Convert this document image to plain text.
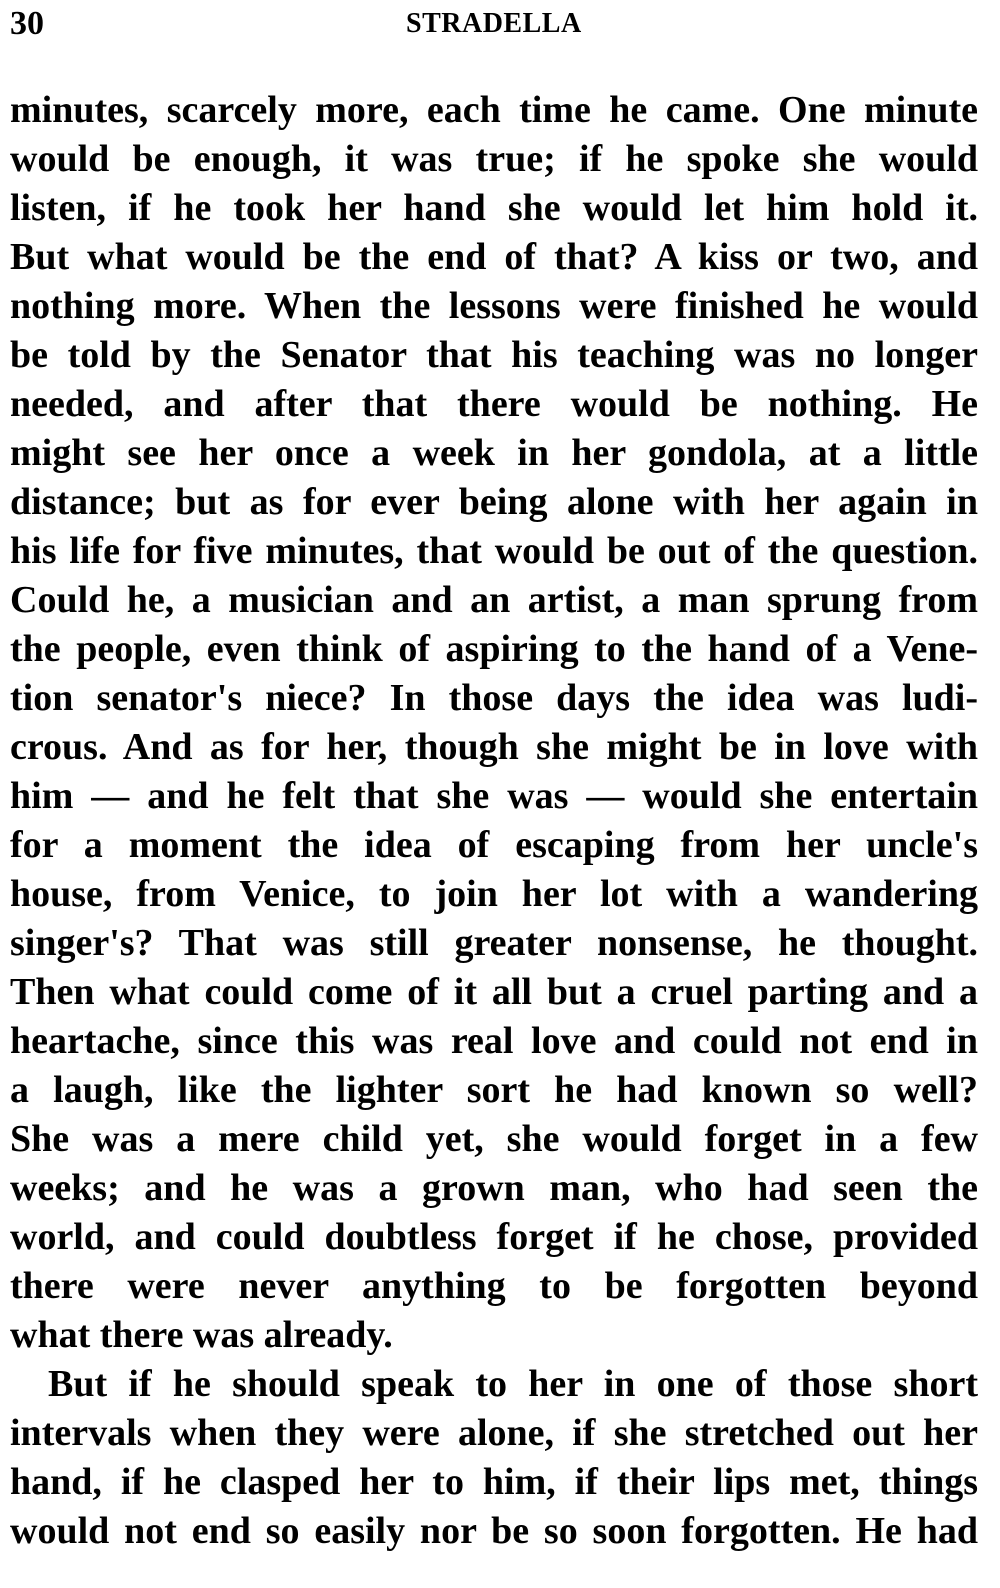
30	STRADELLA
minutes, scarcely more, each time he came. One minute
would be enough, it was true; if he spoke she would
listen, if he took her hand she would let him hold it.
But what would be the end of that? A kiss or two, and
nothing more. When the lessons were finished he would
be told by the Senator that his teaching was no longer
needed, and after that there would be nothing. He
might see her once a week in her gondola, at a little
distance; but as for ever being alone with her again in
his life for five minutes, that would be out of the question.
Could he, a musician and an artist, a man sprung from
the people, even think of aspiring to the hand of a Vene-
tion senator's niece? In those days the idea was ludi-
crous. And as for her, though she might be in love with
him — and he felt that she was — would she entertain
for a moment the idea of escaping from her uncle's
house, from Venice, to join her lot with a wandering
singer's? That was still greater nonsense, he thought.
Then what could come of it all but a cruel parting and a
heartache, since this was real love and could not end in
a laugh, like the lighter sort he had known so well?
She was a mere child yet, she would forget in a few
weeks; and he was a grown man, who had seen the
world, and could doubtless forget if he chose, provided
there were never anything to be forgotten beyond
what there was already.
But if he should speak to her in one of those short
intervals when they were alone, if she stretched out her
hand, if he clasped her to him, if their lips met, things
would not end so easily nor be so soon forgotten. He had
